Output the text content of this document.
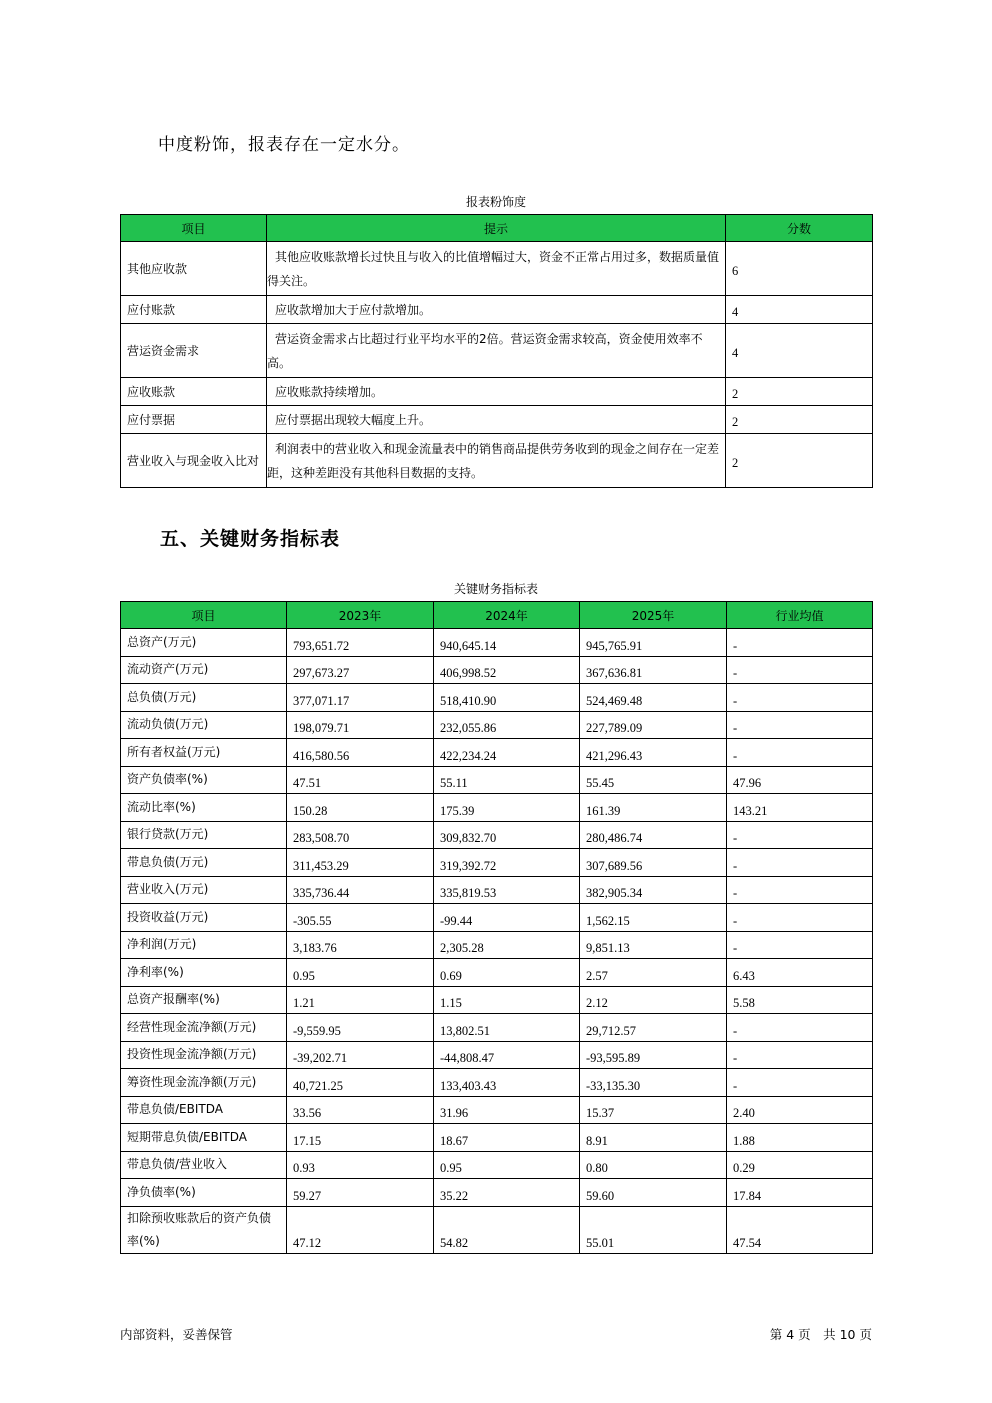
中度粉饰，报表存在一定水分。
报表粉饰度
项目	提示	分数
其他应收款	其他应收账款增长过快且与收入的比值增幅过大，资金不正常占用过多，数据质量值得关注。	6
应付账款	应收款增加大于应付款增加。	4
营运资金需求	营运资金需求占比超过行业平均水平的2倍。营运资金需求较高，资金使用效率不高。	4
应收账款	应收账款持续增加。	2
应付票据	应付票据出现较大幅度上升。	2
营业收入与现金收入比对	利润表中的营业收入和现金流量表中的销售商品提供劳务收到的现金之间存在一定差距，这种差距没有其他科目数据的支持。	2
五、关键财务指标表
关键财务指标表
项目	2023年	2024年	2025年	行业均值
总资产(万元)	793,651.72	940,645.14	945,765.91	-
流动资产(万元)	297,673.27	406,998.52	367,636.81	-
总负债(万元)	377,071.17	518,410.90	524,469.48	-
流动负债(万元)	198,079.71	232,055.86	227,789.09	-
所有者权益(万元)	416,580.56	422,234.24	421,296.43	-
资产负债率(%)	47.51	55.11	55.45	47.96
流动比率(%)	150.28	175.39	161.39	143.21
银行贷款(万元)	283,508.70	309,832.70	280,486.74	-
带息负债(万元)	311,453.29	319,392.72	307,689.56	-
营业收入(万元)	335,736.44	335,819.53	382,905.34	-
投资收益(万元)	-305.55	-99.44	1,562.15	-
净利润(万元)	3,183.76	2,305.28	9,851.13	-
净利率(%)	0.95	0.69	2.57	6.43
总资产报酬率(%)	1.21	1.15	2.12	5.58
经营性现金流净额(万元)	-9,559.95	13,802.51	29,712.57	-
投资性现金流净额(万元)	-39,202.71	-44,808.47	-93,595.89	-
筹资性现金流净额(万元)	40,721.25	133,403.43	-33,135.30	-
带息负债/EBITDA	33.56	31.96	15.37	2.40
短期带息负债/EBITDA	17.15	18.67	8.91	1.88
带息负债/营业收入	0.93	0.95	0.80	0.29
净负债率(%)	59.27	35.22	59.60	17.84
扣除预收账款后的资产负债率(%)	47.12	54.82	55.01	47.54
内部资料，妥善保管	第 4 页　共 10 页
